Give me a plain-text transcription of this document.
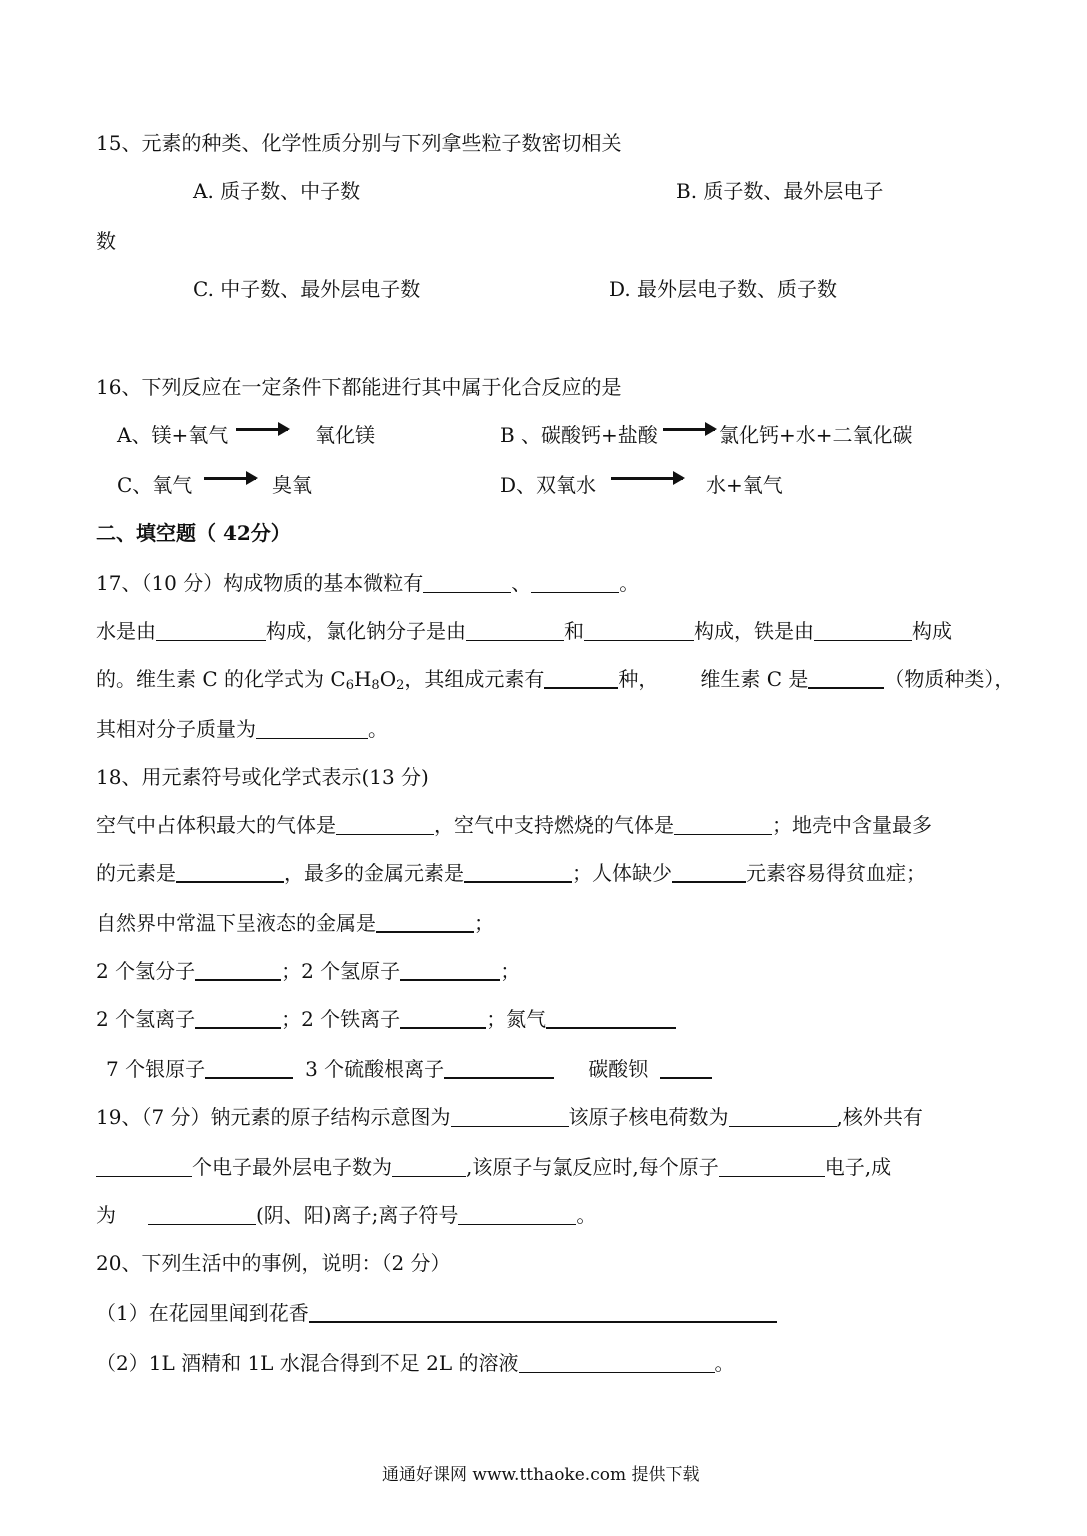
15、元素的种类、化学性质分别与下列拿些粒子数密切相关
A. 质子数、中子数	B. 质子数、最外层电子
数
C. 中子数、最外层电子数	D. 最外层电子数、质子数
16、下列反应在一定条件下都能进行其中属于化合反应的是
A、镁+氧气 → 氧化镁	B 、碳酸钙+盐酸 → 氯化钙+水+二氧化碳
C、氧气 → 臭氧	D、双氧水 → 水+氧气
二、填空题（ 42分）
17、（10 分）构成物质的基本微粒有	、	。
水是由	构成，氯化钠分子是由	和	构成，铁是由	构成
的。维生素 C 的化学式为 $C_6H_8O_2$，其组成元素有	种， 维生素 C 是	（物质种类），
其相对分子质量为	。
18、用元素符号或化学式表示(13 分)
空气中占体积最大的气体是	，空气中支持燃烧的气体是	；地壳中含量最多
的元素是	，最多的金属元素是	；人体缺少	元素容易得贫血症；
自然界中常温下呈液态的金属是	；
2 个氢分子	；2 个氢原子	；
2 个氢离子	；2 个铁离子	；氮气
7 个银原子	3 个硫酸根离子	碳酸钡
19、（7 分）钠元素的原子结构示意图为	该原子核电荷数为	,核外共有
个电子最外层电子数为	,该原子与氯反应时,每个原子	电子,成
为	(阴、阳)离子;离子符号	。
20、下列生活中的事例，说明：（2 分）
（1）在花园里闻到花香
（2）1L 酒精和 1L 水混合得到不足 2L 的溶液	。
通通好课网 www.tthaoke.com 提供下载
